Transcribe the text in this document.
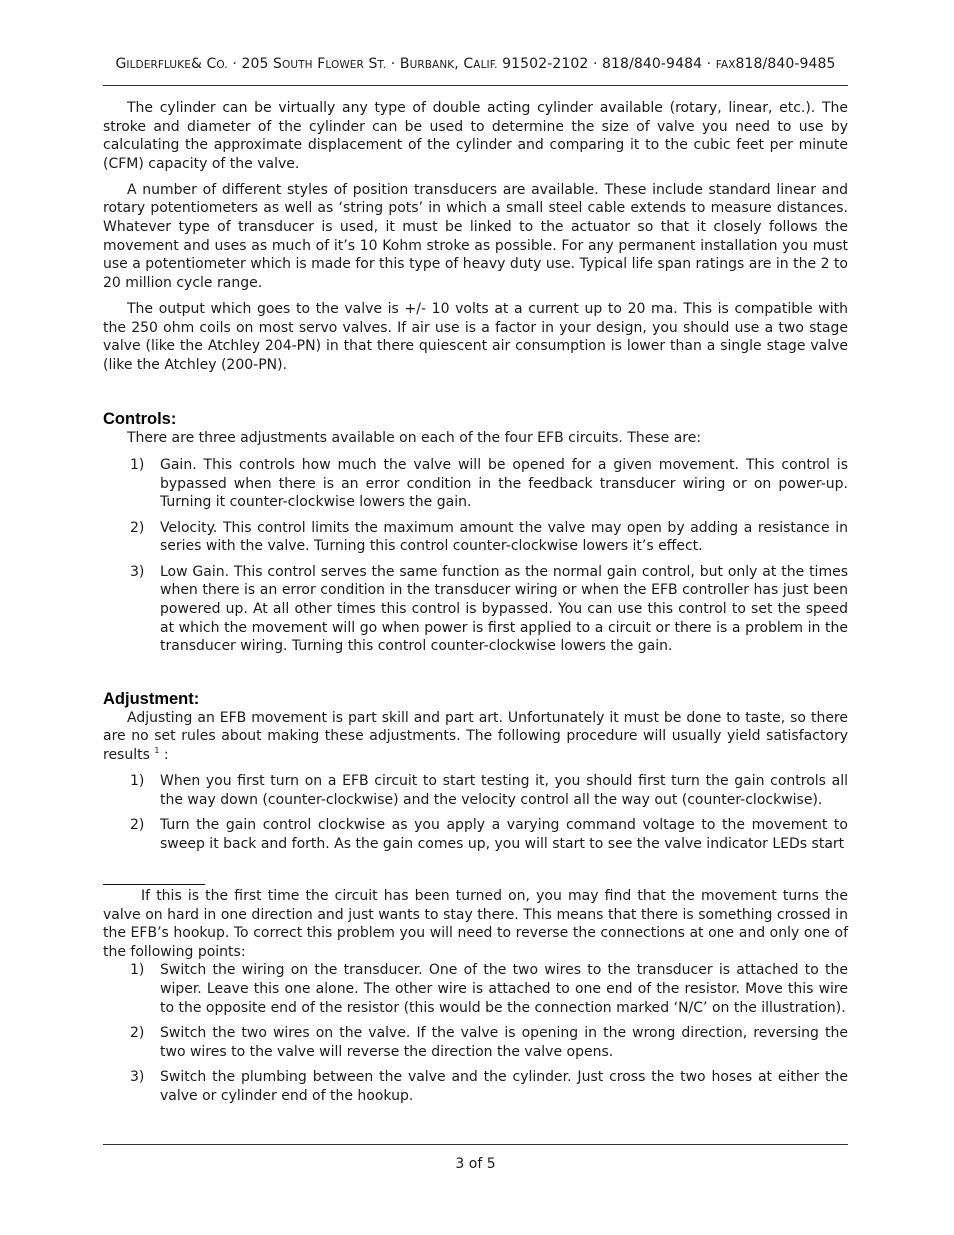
GILDERFLUKE& CO. · 205 SOUTH FLOWER ST. · BURBANK, CALIF. 91502-2102 · 818/840-9484 · FAX818/840-9485

The cylinder can be virtually any type of double acting cylinder available (rotary, linear, etc.). The stroke and diameter of the cylinder can be used to determine the size of valve you need to use by calculating the approximate displacement of the cylinder and comparing it to the cubic feet per minute (CFM) capacity of the valve.

A number of different styles of position transducers are available. These include standard linear and rotary potentiometers as well as ‘string pots’ in which a small steel cable extends to measure distances. Whatever type of transducer is used, it must be linked to the actuator so that it closely follows the movement and uses as much of it’s 10 Kohm stroke as possible. For any permanent installation you must use a potentiometer which is made for this type of heavy duty use. Typical life span ratings are in the 2 to 20 million cycle range.

The output which goes to the valve is +/- 10 volts at a current up to 20 ma. This is compatible with the 250 ohm coils on most servo valves. If air use is a factor in your design, you should use a two stage valve (like the Atchley 204-PN) in that there quiescent air consumption is lower than a single stage valve (like the Atchley (200-PN).

Controls:

There are three adjustments available on each of the four EFB circuits. These are:

1)	Gain. This controls how much the valve will be opened for a given movement. This control is bypassed when there is an error condition in the feedback transducer wiring or on power-up. Turning it counter-clockwise lowers the gain.
2)	Velocity. This control limits the maximum amount the valve may open by adding a resistance in series with the valve. Turning this control counter-clockwise lowers it’s effect.
3)	Low Gain. This control serves the same function as the normal gain control, but only at the times when there is an error condition in the transducer wiring or when the EFB controller has just been powered up. At all other times this control is bypassed. You can use this control to set the speed at which the movement will go when power is first applied to a circuit or there is a problem in the transducer wiring. Turning this control counter-clockwise lowers the gain.
Adjustment:

Adjusting an EFB movement is part skill and part art. Unfortunately it must be done to taste, so there are no set rules about making these adjustments. The following procedure will usually yield satisfactory results $^1$ :

1)	When you first turn on a EFB circuit to start testing it, you should first turn the gain controls all the way down (counter-clockwise) and the velocity control all the way out (counter-clockwise).
2)	Turn the gain control clockwise as you apply a varying command voltage to the movement to sweep it back and forth. As the gain comes up, you will start to see the valve indicator LEDs start

If this is the first time the circuit has been turned on, you may find that the movement turns the valve on hard in one direction and just wants to stay there. This means that there is something crossed in the EFB’s hookup. To correct this problem you will need to reverse the connections at one and only one of the following points:

1)	Switch the wiring on the transducer. One of the two wires to the transducer is attached to the wiper. Leave this one alone. The other wire is attached to one end of the resistor. Move this wire to the opposite end of the resistor (this would be the connection marked ‘N/C’ on the illustration).
2)	Switch the two wires on the valve. If the valve is opening in the wrong direction, reversing the two wires to the valve will reverse the direction the valve opens.
3)	Switch the plumbing between the valve and the cylinder. Just cross the two hoses at either the valve or cylinder end of the hookup.
3 of 5
